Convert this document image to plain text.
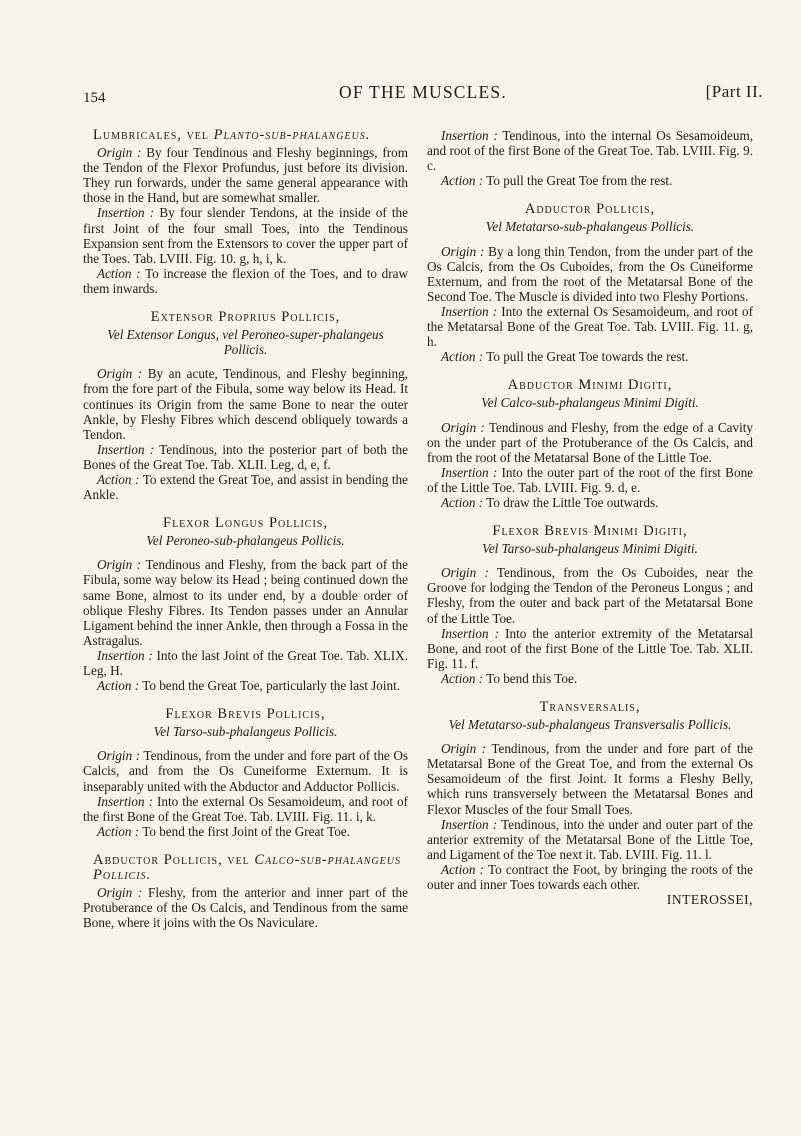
154	OF THE MUSCLES.	[Part II.
Lumbricales, vel Planto-sub-phalangeus.

Origin : By four Tendinous and Fleshy beginnings, from the Tendon of the Flexor Profundus, just before its division. They run forwards, under the same general appearance with those in the Hand, but are somewhat smaller.

Insertion : By four slender Tendons, at the inside of the first Joint of the four small Toes, into the Tendinous Expansion sent from the Extensors to cover the upper part of the Toes. Tab. LVIII. Fig. 10. g, h, i, k.

Action : To increase the flexion of the Toes, and to draw them inwards.

Extensor Proprius Pollicis,
Vel Extensor Longus, vel Peroneo-super-phalangeus Pollicis.

Origin : By an acute, Tendinous, and Fleshy beginning, from the fore part of the Fibula, some way below its Head. It continues its Origin from the same Bone to near the outer Ankle, by Fleshy Fibres which descend obliquely towards a Tendon.

Insertion : Tendinous, into the posterior part of both the Bones of the Great Toe. Tab. XLII. Leg, d, e, f.

Action : To extend the Great Toe, and assist in bending the Ankle.

Flexor Longus Pollicis,
Vel Peroneo-sub-phalangeus Pollicis.

Origin : Tendinous and Fleshy, from the back part of the Fibula, some way below its Head ; being continued down the same Bone, almost to its under end, by a double order of oblique Fleshy Fibres. Its Tendon passes under an Annular Ligament behind the inner Ankle, then through a Fossa in the Astragalus.

Insertion : Into the last Joint of the Great Toe. Tab. XLIX. Leg, H.

Action : To bend the Great Toe, particularly the last Joint.

Flexor Brevis Pollicis,
Vel Tarso-sub-phalangeus Pollicis.

Origin : Tendinous, from the under and fore part of the Os Calcis, and from the Os Cuneiforme Externum. It is inseparably united with the Abductor and Adductor Pollicis.

Insertion : Into the external Os Sesamoideum, and root of the first Bone of the Great Toe. Tab. LVIII. Fig. 11. i, k.

Action : To bend the first Joint of the Great Toe.

Abductor Pollicis, vel Calco-sub-phalangeus Pollicis.

Origin : Fleshy, from the anterior and inner part of the Protuberance of the Os Calcis, and Tendinous from the same Bone, where it joins with the Os Naviculare.

Insertion : Tendinous, into the internal Os Sesamoideum, and root of the first Bone of the Great Toe. Tab. LVIII. Fig. 9. c.

Action : To pull the Great Toe from the rest.

Adductor Pollicis,
Vel Metatarso-sub-phalangeus Pollicis.

Origin : By a long thin Tendon, from the under part of the Os Calcis, from the Os Cuboides, from the Os Cuneiforme Externum, and from the root of the Metatarsal Bone of the Second Toe. The Muscle is divided into two Fleshy Portions.

Insertion : Into the external Os Sesamoideum, and root of the Metatarsal Bone of the Great Toe. Tab. LVIII. Fig. 11. g, h.

Action : To pull the Great Toe towards the rest.

Abductor Minimi Digiti,
Vel Calco-sub-phalangeus Minimi Digiti.

Origin : Tendinous and Fleshy, from the edge of a Cavity on the under part of the Protuberance of the Os Calcis, and from the root of the Metatarsal Bone of the Little Toe.

Insertion : Into the outer part of the root of the first Bone of the Little Toe. Tab. LVIII. Fig. 9. d, e.

Action : To draw the Little Toe outwards.

Flexor Brevis Minimi Digiti,
Vel Tarso-sub-phalangeus Minimi Digiti.

Origin : Tendinous, from the Os Cuboides, near the Groove for lodging the Tendon of the Peroneus Longus ; and Fleshy, from the outer and back part of the Metatarsal Bone of the Little Toe.

Insertion : Into the anterior extremity of the Metatarsal Bone, and root of the first Bone of the Little Toe. Tab. XLII. Fig. 11. f.

Action : To bend this Toe.

Transversalis,
Vel Metatarso-sub-phalangeus Transversalis Pollicis.

Origin : Tendinous, from the under and fore part of the Metatarsal Bone of the Great Toe, and from the external Os Sesamoideum of the first Joint. It forms a Fleshy Belly, which runs transversely between the Metatarsal Bones and Flexor Muscles of the four Small Toes.

Insertion : Tendinous, into the under and outer part of the anterior extremity of the Metatarsal Bone of the Little Toe, and Ligament of the Toe next it. Tab. LVIII. Fig. 11. l.

Action : To contract the Foot, by bringing the roots of the outer and inner Toes towards each other.

INTEROSSEI,
